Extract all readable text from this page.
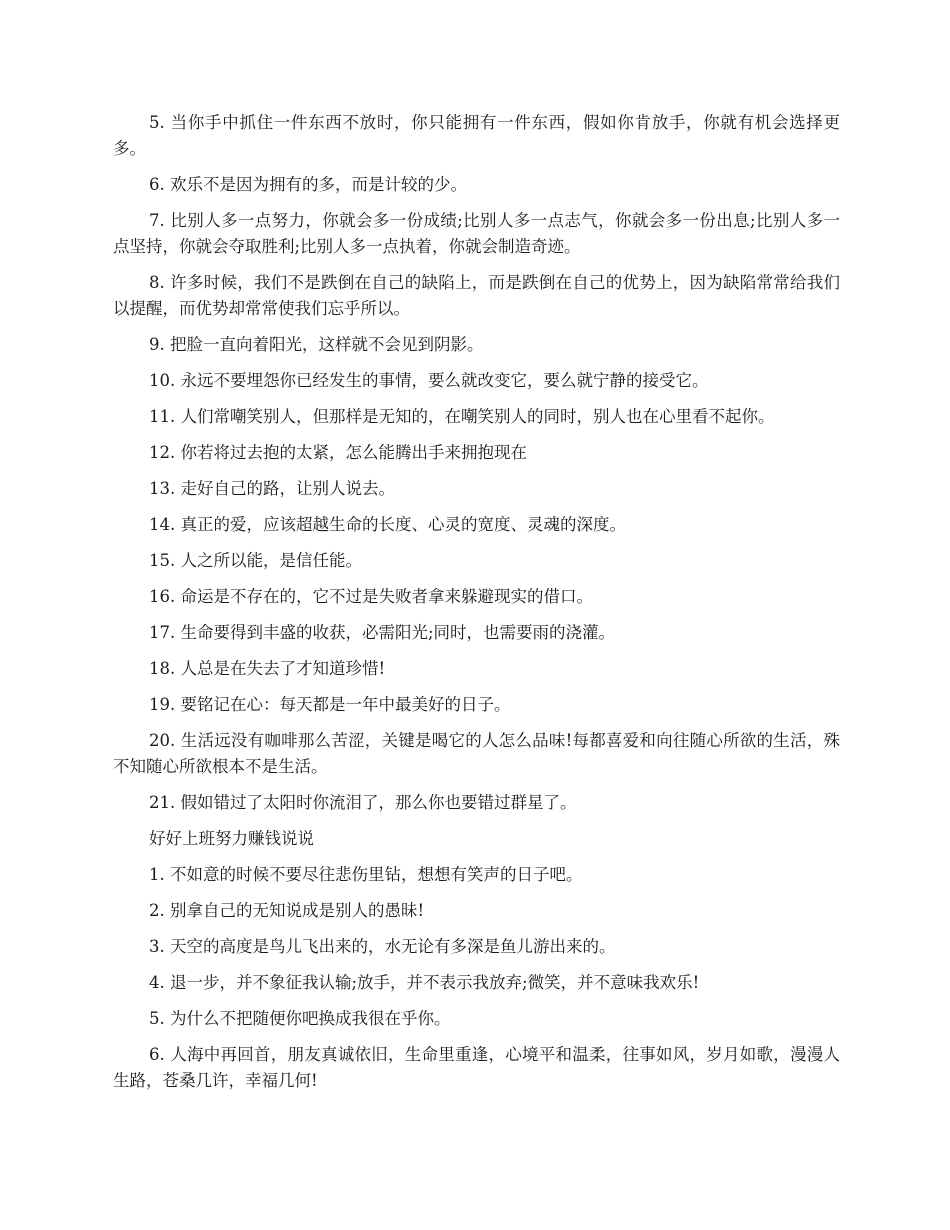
5. 当你手中抓住一件东西不放时，你只能拥有一件东西，假如你肯放手，你就有机会选择更多。

6. 欢乐不是因为拥有的多，而是计较的少。

7. 比别人多一点努力，你就会多一份成绩;比别人多一点志气，你就会多一份出息;比别人多一点坚持，你就会夺取胜利;比别人多一点执着，你就会制造奇迹。

8. 许多时候，我们不是跌倒在自己的缺陷上，而是跌倒在自己的优势上，因为缺陷常常给我们以提醒，而优势却常常使我们忘乎所以。

9. 把脸一直向着阳光，这样就不会见到阴影。

10. 永远不要埋怨你已经发生的事情，要么就改变它，要么就宁静的接受它。

11. 人们常嘲笑别人，但那样是无知的，在嘲笑别人的同时，别人也在心里看不起你。

12. 你若将过去抱的太紧，怎么能腾出手来拥抱现在

13. 走好自己的路，让别人说去。

14. 真正的爱，应该超越生命的长度、心灵的宽度、灵魂的深度。

15. 人之所以能，是信任能。

16. 命运是不存在的，它不过是失败者拿来躲避现实的借口。

17. 生命要得到丰盛的收获，必需阳光;同时，也需要雨的浇灌。

18. 人总是在失去了才知道珍惜!

19. 要铭记在心：每天都是一年中最美好的日子。

20. 生活远没有咖啡那么苦涩，关键是喝它的人怎么品味!每都喜爱和向往随心所欲的生活，殊不知随心所欲根本不是生活。

21. 假如错过了太阳时你流泪了，那么你也要错过群星了。

好好上班努力赚钱说说

1. 不如意的时候不要尽往悲伤里钻，想想有笑声的日子吧。

2. 别拿自己的无知说成是别人的愚昧!

3. 天空的高度是鸟儿飞出来的，水无论有多深是鱼儿游出来的。

4. 退一步，并不象征我认输;放手，并不表示我放弃;微笑，并不意味我欢乐!

5. 为什么不把随便你吧换成我很在乎你。

6. 人海中再回首，朋友真诚依旧，生命里重逢，心境平和温柔，往事如风，岁月如歌，漫漫人生路，苍桑几许，幸福几何!
